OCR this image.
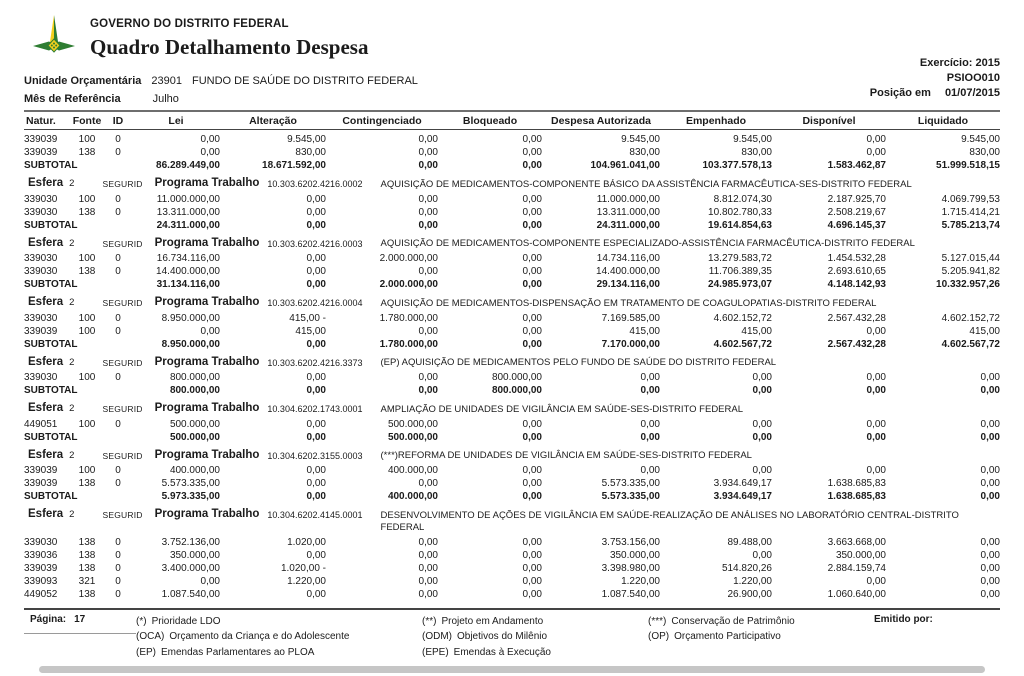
GOVERNO DO DISTRITO FEDERAL
Quadro Detalhamento Despesa
Exercício: 2015
PSIOO010
Posição em 01/07/2015
Unidade Orçamentária 23901 FUNDO DE SAÚDE DO DISTRITO FEDERAL
Mês de Referência	Julho
Natur.	Fonte	ID	Lei	Alteração	Contingenciado	Bloqueado	Despesa Autorizada	Empenhado	Disponível	Liquidado
339039	100	0	0,00	9.545,00	0,00	0,00	9.545,00	9.545,00	0,00	9.545,00
339039	138	0	0,00	830,00	0,00	0,00	830,00	830,00	0,00	830,00
SUBTOTAL			86.289.449,00	18.671.592,00	0,00	0,00	104.961.041,00	103.377.578,13	1.583.462,87	51.999.518,15

Esfera 2	SEGURID Programa Trabalho 10.303.6202.4216.0002 AQUISIÇÃO DE MEDICAMENTOS-COMPONENTE BÁSICO DA ASSISTÊNCIA FARMACÊUTICA-SES-DISTRITO FEDERAL

339030	100	0	11.000.000,00	0,00	0,00	0,00	11.000.000,00	8.812.074,30	2.187.925,70	4.069.799,53
339030	138	0	13.311.000,00	0,00	0,00	0,00	13.311.000,00	10.802.780,33	2.508.219,67	1.715.414,21
SUBTOTAL			24.311.000,00	0,00	0,00	0,00	24.311.000,00	19.614.854,63	4.696.145,37	5.785.213,74

Esfera 2	SEGURID Programa Trabalho 10.303.6202.4216.0003 AQUISIÇÃO DE MEDICAMENTOS-COMPONENTE ESPECIALIZADO-ASSISTÊNCIA FARMACÊUTICA-DISTRITO FEDERAL

339030	100	0	16.734.116,00	0,00	2.000.000,00	0,00	14.734.116,00	13.279.583,72	1.454.532,28	5.127.015,44
339030	138	0	14.400.000,00	0,00	0,00	0,00	14.400.000,00	11.706.389,35	2.693.610,65	5.205.941,82
SUBTOTAL			31.134.116,00	0,00	2.000.000,00	0,00	29.134.116,00	24.985.973,07	4.148.142,93	10.332.957,26

Esfera 2	SEGURID Programa Trabalho 10.303.6202.4216.0004 AQUISIÇÃO DE MEDICAMENTOS-DISPENSAÇÃO EM TRATAMENTO DE COAGULOPATIAS-DISTRITO FEDERAL

339030	100	0	8.950.000,00	415,00 -	1.780.000,00	0,00	7.169.585,00	4.602.152,72	2.567.432,28	4.602.152,72
339039	100	0	0,00	415,00	0,00	0,00	415,00	415,00	0,00	415,00
SUBTOTAL			8.950.000,00	0,00	1.780.000,00	0,00	7.170.000,00	4.602.567,72	2.567.432,28	4.602.567,72

Esfera 2	SEGURID Programa Trabalho 10.303.6202.4216.3373 (EP) AQUISIÇÃO DE MEDICAMENTOS PELO FUNDO DE SAÚDE DO DISTRITO FEDERAL

339030	100	0	800.000,00	0,00	0,00	800.000,00	0,00	0,00	0,00	0,00
SUBTOTAL			800.000,00	0,00	0,00	800.000,00	0,00	0,00	0,00	0,00

Esfera 2	SEGURID Programa Trabalho 10.304.6202.1743.0001 AMPLIAÇÃO DE UNIDADES DE VIGILÂNCIA EM SAÚDE-SES-DISTRITO FEDERAL

449051	100	0	500.000,00	0,00	500.000,00	0,00	0,00	0,00	0,00	0,00
SUBTOTAL			500.000,00	0,00	500.000,00	0,00	0,00	0,00	0,00	0,00

Esfera 2	SEGURID Programa Trabalho 10.304.6202.3155.0003 (***)REFORMA DE UNIDADES DE VIGILÂNCIA EM SAÚDE-SES-DISTRITO FEDERAL

339039	100	0	400.000,00	0,00	400.000,00	0,00	0,00	0,00	0,00	0,00
339039	138	0	5.573.335,00	0,00	0,00	0,00	5.573.335,00	3.934.649,17	1.638.685,83	0,00
SUBTOTAL			5.973.335,00	0,00	400.000,00	0,00	5.573.335,00	3.934.649,17	1.638.685,83	0,00

Esfera 2	SEGURID Programa Trabalho 10.304.6202.4145.0001 DESENVOLVIMENTO DE AÇÕES DE VIGILÂNCIA EM SAÚDE-REALIZAÇÃO DE ANÁLISES NO LABORATÓRIO CENTRAL-DISTRITO FEDERAL

339030	138	0	3.752.136,00	1.020,00	0,00	0,00	3.753.156,00	89.488,00	3.663.668,00	0,00
339036	138	0	350.000,00	0,00	0,00	0,00	350.000,00	0,00	350.000,00	0,00
339039	138	0	3.400.000,00	1.020,00 -	0,00	0,00	3.398.980,00	514.820,26	2.884.159,74	0,00
339093	321	0	0,00	1.220,00	0,00	0,00	1.220,00	1.220,00	0,00	0,00
449052	138	0	1.087.540,00	0,00	0,00	0,00	1.087.540,00	26.900,00	1.060.640,00	0,00
Página: 17	(*) Prioridade LDO
(OCA) Orçamento da Criança e do Adolescente
(EP) Emendas Parlamentares ao PLOA
(**) Projeto em Andamento
(ODM) Objetivos do Milênio
(EPE) Emendas à Execução
(***) Conservação de Patrimônio
(OP) Orçamento Participativo
Emitido por:
